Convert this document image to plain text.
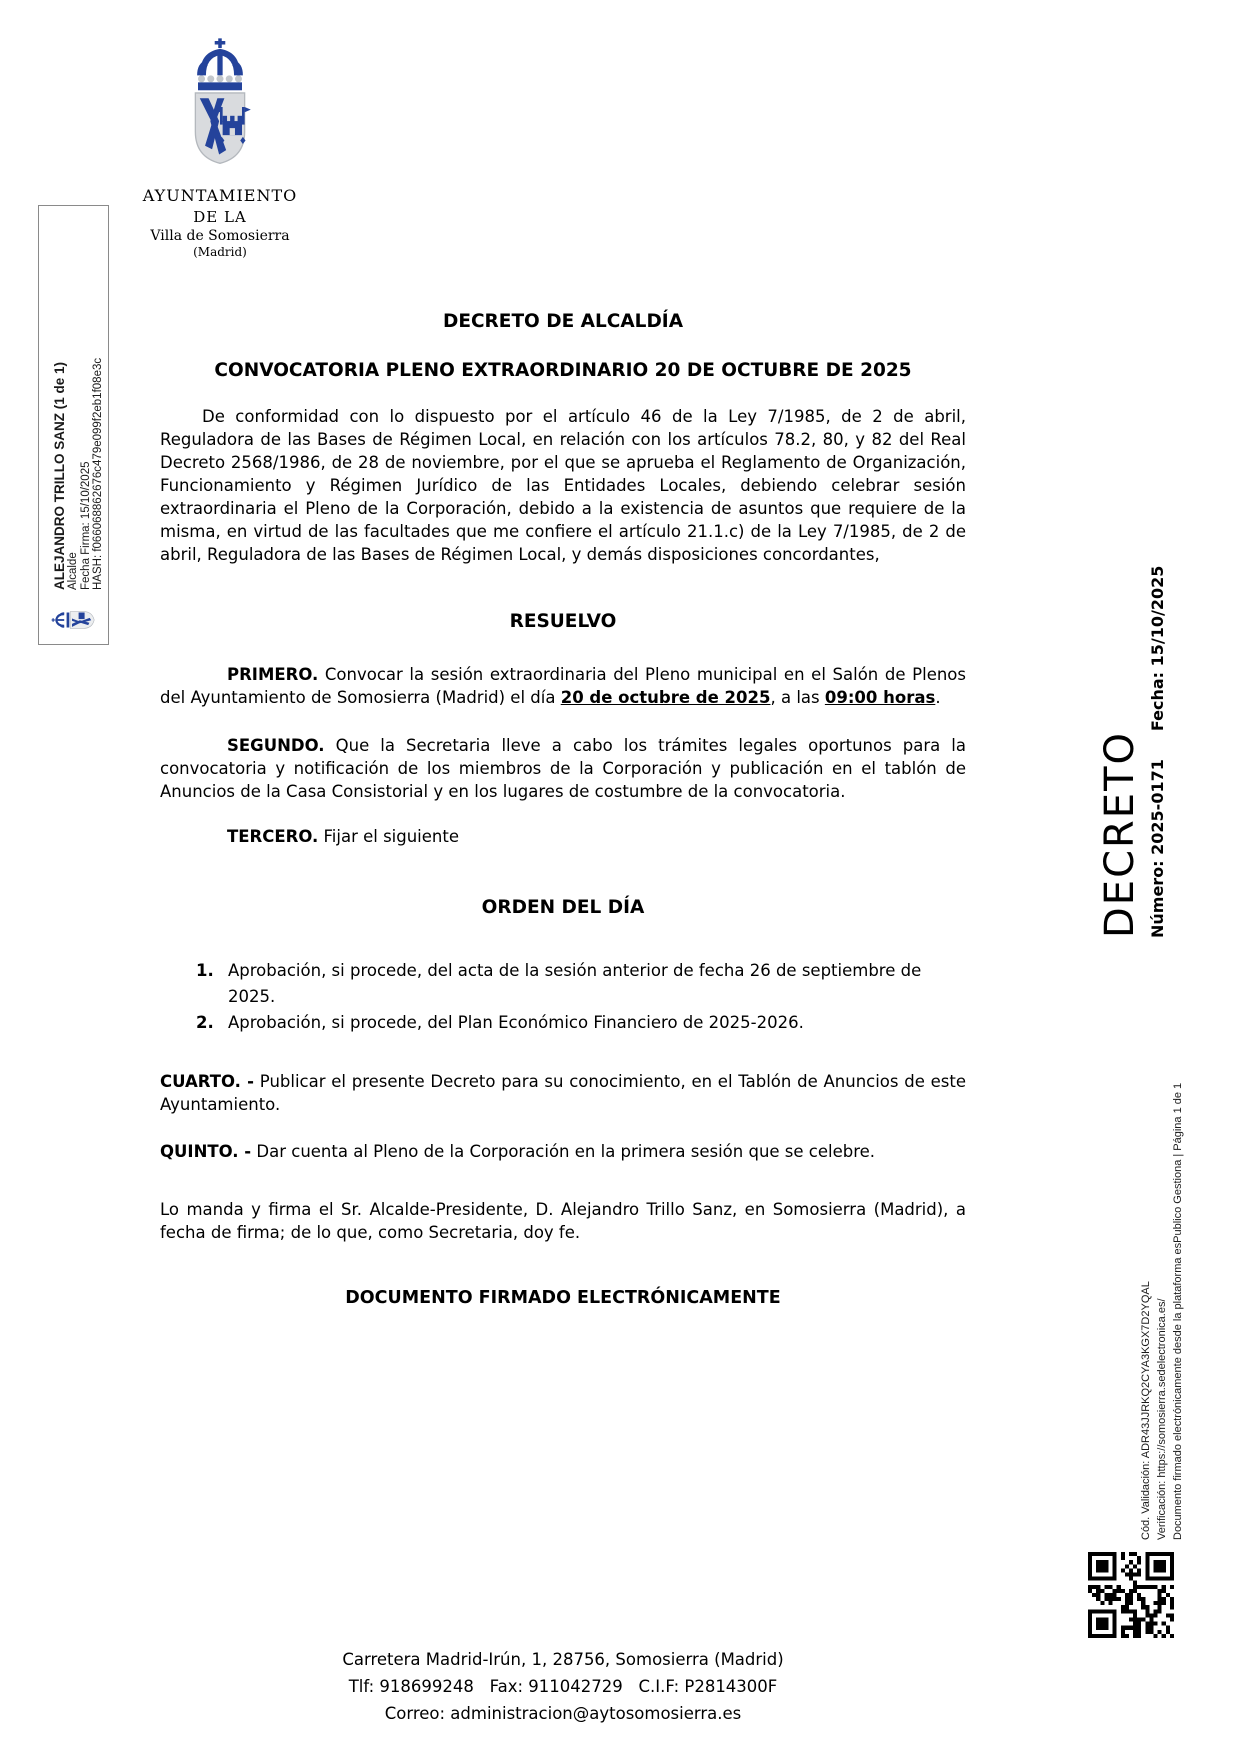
AYUNTAMIENTO
DE LA
Villa de Somosierra
(Madrid)
ALEJANDRO TRILLO SANZ (1 de 1) Alcalde Fecha Firma: 15/10/2025 HASH: f066068862676c479e099f2eb1f08e3c
DECRETO DE ALCALDÍA
CONVOCATORIA PLENO EXTRAORDINARIO 20 DE OCTUBRE DE 2025

De conformidad con lo dispuesto por el artículo 46 de la Ley 7/1985, de 2 de abril, Reguladora de las Bases de Régimen Local, en relación con los artículos 78.2, 80, y 82 del Real Decreto 2568/1986, de 28 de noviembre, por el que se aprueba el Reglamento de Organización, Funcionamiento y Régimen Jurídico de las Entidades Locales, debiendo celebrar sesión extraordinaria el Pleno de la Corporación, debido a la existencia de asuntos que requiere de la misma, en virtud de las facultades que me confiere el artículo 21.1.c) de la Ley 7/1985, de 2 de abril, Reguladora de las Bases de Régimen Local, y demás disposiciones concordantes,

RESUELVO

PRIMERO. Convocar la sesión extraordinaria del Pleno municipal en el Salón de Plenos del Ayuntamiento de Somosierra (Madrid) el día 20 de octubre de 2025, a las 09:00 horas.

SEGUNDO. Que la Secretaria lleve a cabo los trámites legales oportunos para la convocatoria y notificación de los miembros de la Corporación y publicación en el tablón de Anuncios de la Casa Consistorial y en los lugares de costumbre de la convocatoria.

TERCERO. Fijar el siguiente

ORDEN DEL DÍA
1. Aprobación, si procede, del acta de la sesión anterior de fecha 26 de septiembre de 2025.
2. Aprobación, si procede, del Plan Económico Financiero de 2025-2026.

CUARTO. - Publicar el presente Decreto para su conocimiento, en el Tablón de Anuncios de este Ayuntamiento.

QUINTO. - Dar cuenta al Pleno de la Corporación en la primera sesión que se celebre.

Lo manda y firma el Sr. Alcalde-Presidente, D. Alejandro Trillo Sanz, en Somosierra (Madrid), a fecha de firma; de lo que, como Secretaria, doy fe.

DOCUMENTO FIRMADO ELECTRÓNICAMENTE
Carretera Madrid-Irún, 1, 28756, Somosierra (Madrid)
Tlf: 918699248   Fax: 911042729   C.I.F: P2814300F
Correo: administracion@aytosomosierra.es
DECRETO Número: 2025-0171Fecha: 15/10/2025
Cód. Validación: ADR43JJRKQ2CYA3KGX7D2YQAL Verificación: https://somosierra.sedelectronica.es/ Documento firmado electrónicamente desde la plataforma esPublico Gestiona | Página 1 de 1
